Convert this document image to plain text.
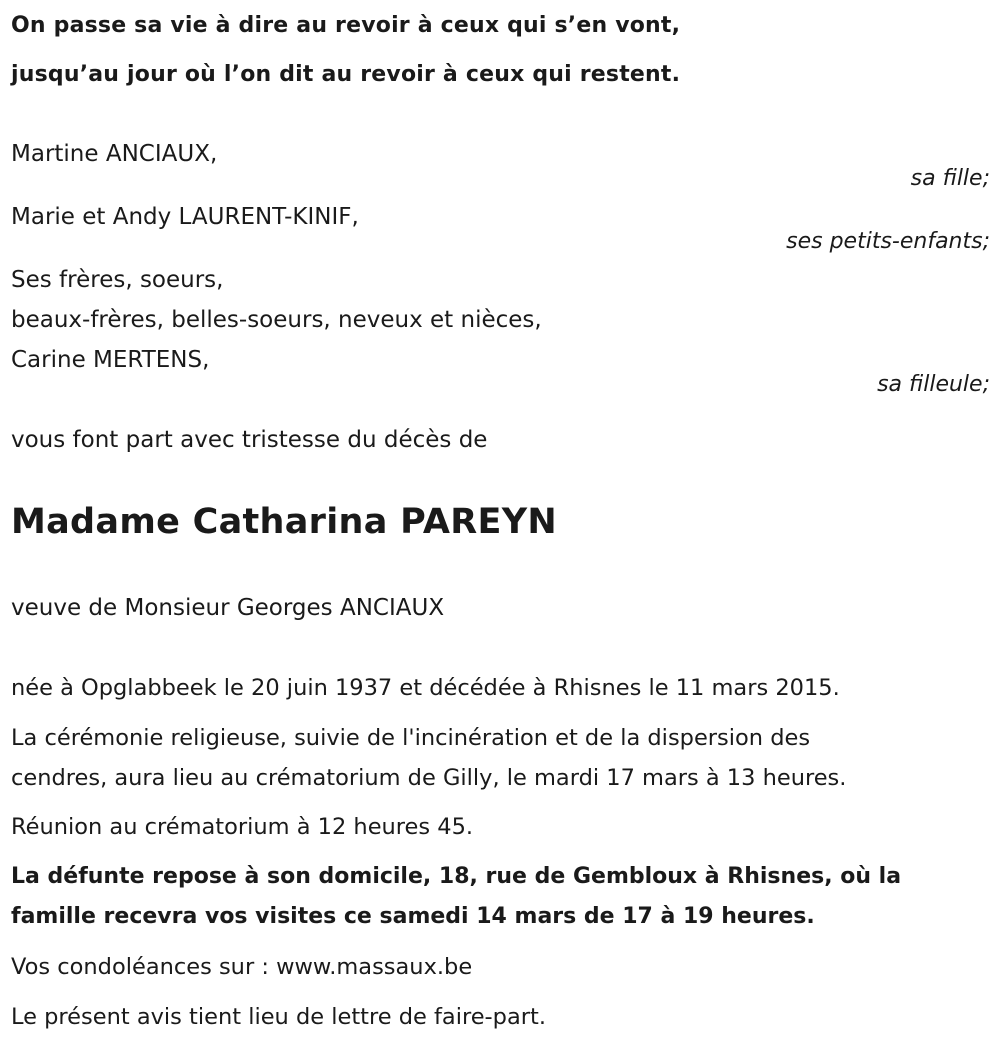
On passe sa vie à dire au revoir à ceux qui s’en vont,
jusqu’au jour où l’on dit au revoir à ceux qui restent.
Martine ANCIAUX,
sa fille;
Marie et Andy LAURENT-KINIF,
ses petits-enfants;
Ses frères, soeurs,
beaux-frères, belles-soeurs, neveux et nièces,
Carine MERTENS,
sa filleule;
vous font part avec tristesse du décès de
Madame Catharina PAREYN
veuve de Monsieur Georges ANCIAUX
née à Opglabbeek le 20 juin 1937 et décédée à Rhisnes le 11 mars 2015.
La cérémonie religieuse, suivie de l'incinération et de la dispersion des
cendres, aura lieu au crématorium de Gilly, le mardi 17 mars à 13 heures.
Réunion au crématorium à 12 heures 45.
La défunte repose à son domicile, 18, rue de Gembloux à Rhisnes, où la
famille recevra vos visites ce samedi 14 mars de 17 à 19 heures.
Vos condoléances sur : www.massaux.be
Le présent avis tient lieu de lettre de faire-part.
